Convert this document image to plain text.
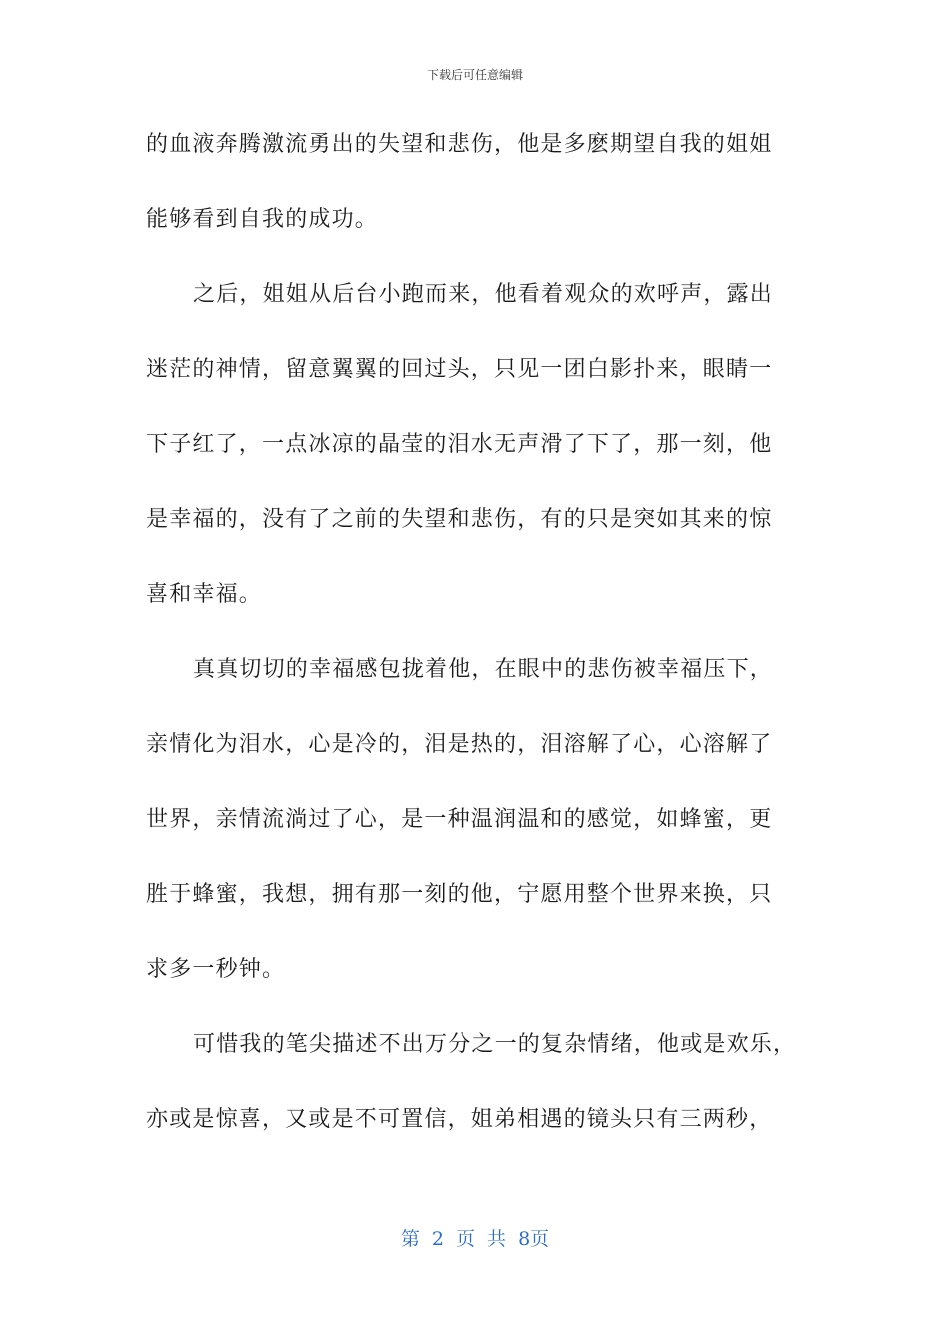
下载后可任意编辑
的血液奔腾激流勇出的失望和悲伤，他是多麽期望自我的姐姐
能够看到自我的成功。
之后，姐姐从后台小跑而来，他看着观众的欢呼声，露出
迷茫的神情，留意翼翼的回过头，只见一团白影扑来，眼睛一
下子红了，一点冰凉的晶莹的泪水无声滑了下了，那一刻，他
是幸福的，没有了之前的失望和悲伤，有的只是突如其来的惊
喜和幸福。
真真切切的幸福感包拢着他，在眼中的悲伤被幸福压下，
亲情化为泪水，心是冷的，泪是热的，泪溶解了心，心溶解了
世界，亲情流淌过了心，是一种温润温和的感觉，如蜂蜜，更
胜于蜂蜜，我想，拥有那一刻的他，宁愿用整个世界来换，只
求多一秒钟。
可惜我的笔尖描述不出万分之一的复杂情绪，他或是欢乐，
亦或是惊喜，又或是不可置信，姐弟相遇的镜头只有三两秒，
第 2 页 共 8页
